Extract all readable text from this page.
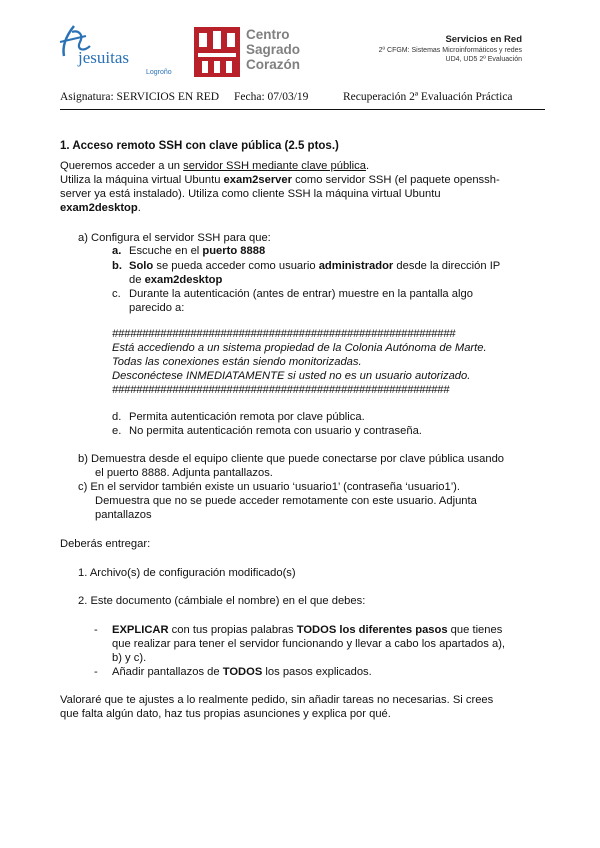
jesuitas
Logroño
Centro
Sagrado
Corazón
Servicios en Red
2º CFGM: Sistemas Microinformáticos y redes
UD4, UD5 2º Evaluación
Asignatura: SERVICIOS EN RED Fecha: 07/03/19	Recuperación 2ª Evaluación Práctica
1. Acceso remoto SSH con clave pública (2.5 ptos.)
Queremos acceder a un servidor SSH mediante clave pública.
Utiliza la máquina virtual Ubuntu exam2server como servidor SSH (el paquete openssh-
server ya está instalado). Utiliza como cliente SSH la máquina virtual Ubuntu
exam2desktop.
a) Configura el servidor SSH para que:
a. Escuche en el puerto 8888
b. Solo se pueda acceder como usuario administrador desde la dirección IP
de exam2desktop
c. Durante la autenticación (antes de entrar) muestre en la pantalla algo
parecido a:
#########################################################
Está accediendo a un sistema propiedad de la Colonia Autónoma de Marte.
Todas las conexiones están siendo monitorizadas.
Desconéctese INMEDIATAMENTE si usted no es un usuario autorizado.
########################################################
d. Permita autenticación remota por clave pública.
e. No permita autenticación remota con usuario y contraseña.
b) Demuestra desde el equipo cliente que puede conectarse por clave pública usando
el puerto 8888. Adjunta pantallazos.
c) En el servidor también existe un usuario ‘usuario1’ (contraseña ‘usuario1’).
Demuestra que no se puede acceder remotamente con este usuario. Adjunta
pantallazos
Deberás entregar:
1. Archivo(s) de configuración modificado(s)
2. Este documento (cámbiale el nombre) en el que debes:
- EXPLICAR con tus propias palabras TODOS los diferentes pasos que tienes
que realizar para tener el servidor funcionando y llevar a cabo los apartados a),
b) y c).
- Añadir pantallazos de TODOS los pasos explicados.
Valoraré que te ajustes a lo realmente pedido, sin añadir tareas no necesarias. Si crees
que falta algún dato, haz tus propias asunciones y explica por qué.
